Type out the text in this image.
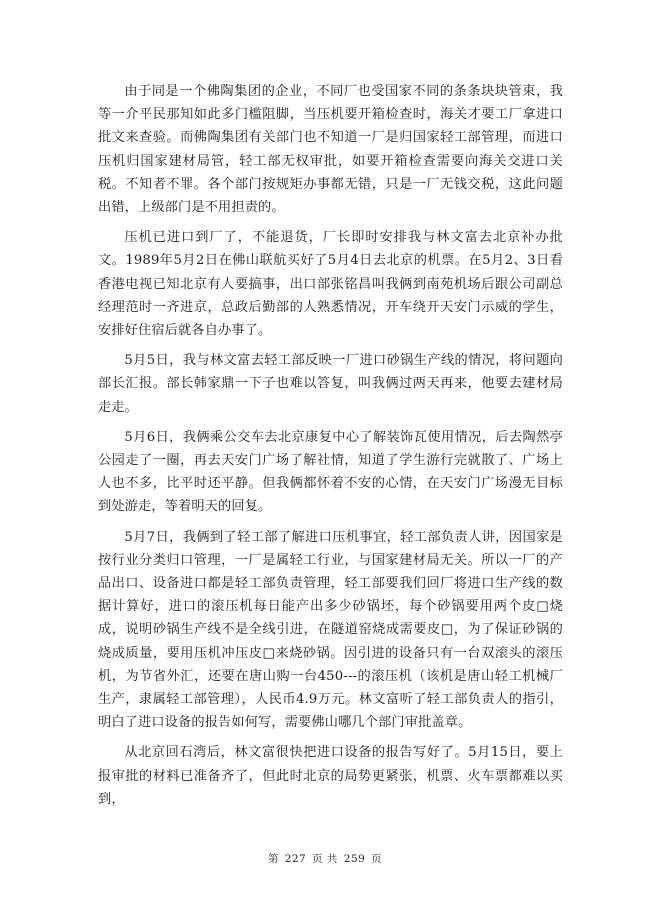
由于同是一个佛陶集团的企业，不同厂也受国家不同的条条块块管束，我等一介平民那知如此多门槛阻脚，当压机要开箱检查时，海关才要工厂拿进口批文来查验。而佛陶集团有关部门也不知道一厂是归国家轻工部管理，而进口压机归国家建材局管，轻工部无权审批，如要开箱检查需要向海关交进口关税。不知者不罪。各个部门按规矩办事都无错，只是一厂无钱交税，这此问题出错，上级部门是不用担责的。

压机已进口到厂了，不能退货，厂长即时安排我与林文富去北京补办批文。1989年5月2日在佛山联航买好了5月4日去北京的机票。在5月2、3日看香港电视已知北京有人要搞事，出口部张铭昌叫我俩到南苑机场后跟公司副总经理范时一齐进京，总政后勤部的人熟悉情况，开车绕开天安门示威的学生，安排好住宿后就各自办事了。

5月5日，我与林文富去轻工部反映一厂进口砂锅生产线的情况，将问题向部长汇报。部长韩家鼎一下子也难以答复，叫我俩过两天再来，他要去建材局走走。

5月6日，我俩乘公交车去北京康复中心了解装饰瓦使用情况，后去陶然亭公园走了一圈，再去天安门广场了解社情，知道了学生游行完就散了、广场上人也不多，比平时还平静。但我俩都怀着不安的心情，在天安门广场漫无目标到处游走，等着明天的回复。

5月7日，我俩到了轻工部了解进口压机事宜，轻工部负责人讲，因国家是按行业分类归口管理，一厂是属轻工行业，与国家建材局无关。所以一厂的产品出口、设备进口都是轻工部负责管理，轻工部要我们回厂将进口生产线的数据计算好，进口的滚压机每日能产出多少砂锅坯，每个砂锅要用两个皮□烧成，说明砂锅生产线不是全线引进，在隧道窑烧成需要皮□，为了保证砂锅的烧成质量，要用压机冲压皮□来烧砂锅。因引进的设备只有一台双滚头的滚压机，为节省外汇，还要在唐山购一台450---的滚压机（该机是唐山轻工机械厂生产，隶属轻工部管理），人民币4.9万元。林文富听了轻工部负责人的指引，明白了进口设备的报告如何写，需要佛山哪几个部门审批盖章。

从北京回石湾后，林文富很快把进口设备的报告写好了。5月15日，要上报审批的材料已准备齐了，但此时北京的局势更紧张，机票、火车票都难以买到，

第 227 页 共 259 页
